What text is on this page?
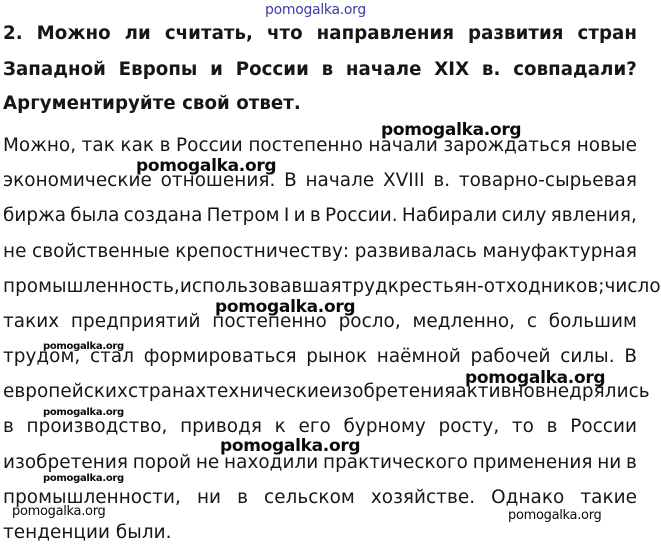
pomogalka.org
2. Можно ли считать, что направления развития стран
Западной Европы и России в начале XIX в. совпадали?
Аргументируйте свой ответ.
Можно, так как в России постепенно начали зарождаться новые
экономические отношения. В начале XVIII в. товарно-сырьевая
биржа была создана Петром I и в России. Набирали силу явления,
не свойственные крепостничеству: развивалась мануфактурная
промышленность, использовавшая труд крестьян-отходников; число
таких предприятий постепенно росло, медленно, с большим
трудом, стал формироваться рынок наёмной рабочей силы. В
европейских странах технические изобретения активно внедрялись
в производство, приводя к его бурному росту, то в России
изобретения порой не находили практического применения ни в
промышленности, ни в сельском хозяйстве. Однако такие
тенденции были.
pomogalka.org
pomogalka.org
pomogalka.org
pomogalka.org
pomogalka.org
pomogalka.org
pomogalka.org
pomogalka.org
pomogalka.org	pomogalka.org
